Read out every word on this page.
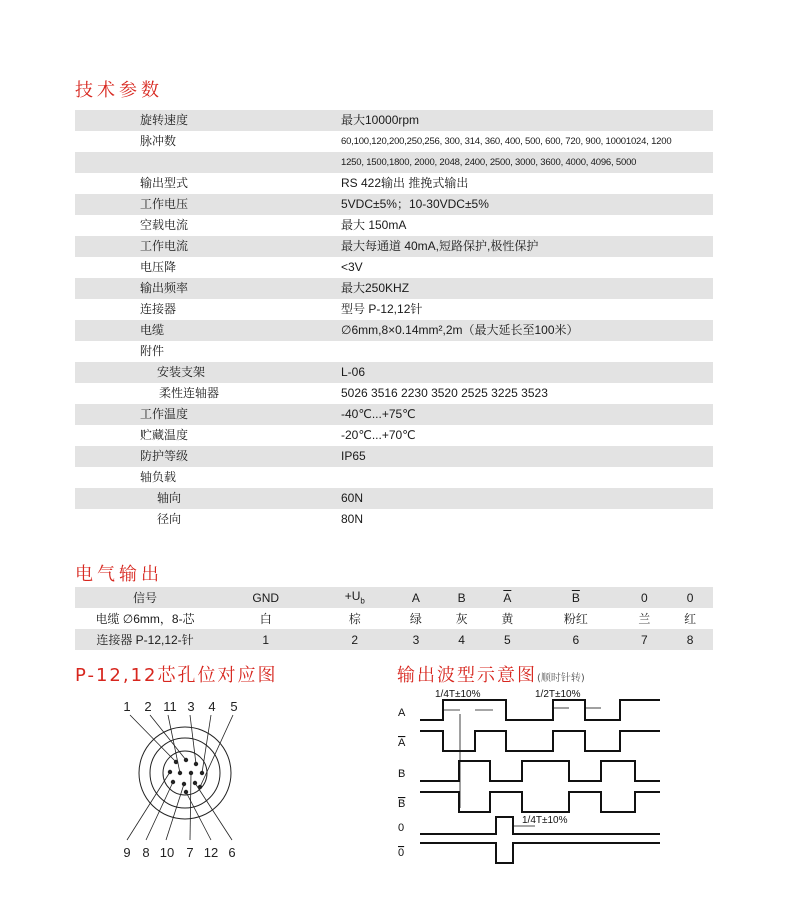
技术参数
旋转速度	最大10000rpm
脉冲数	60,100,120,200,250,256, 300, 314, 360, 400, 500, 600, 720, 900, 10001024, 1200
1250, 1500,1800, 2000, 2048, 2400, 2500, 3000, 3600, 4000, 4096, 5000
输出型式	RS 422输出 推挽式输出
工作电压	5VDC±5%；10-30VDC±5%
空载电流	最大 150mA
工作电流	最大每通道 40mA,短路保护,极性保护
电压降	<3V
输出频率	最大250KHZ
连接器	型号 P-12,12针
电缆	∅6mm,8×0.14mm²,2m（最大延长至100米）
附件
安装支架	L-06
柔性连轴器	5026 3516 2230 3520 2525 3225 3523
工作温度	-40℃...+75℃
贮藏温度	-20℃...+70℃
防护等级	IP65
轴负载
轴向	60N
径向	80N
电气输出
信号	GND	$+U_b$	A	B	$\overline{A}$	$\overline{B}$	0	0
电缆 ∅6mm，8-芯	白	棕	绿	灰	黄	粉红	兰	红
连接器 P-12,12-针	1	2	3	4	5	6	7	8
P-12,12芯孔位对应图	输出波型示意图(顺时针转)
1 2 11 3 4 5
9 8 10 7 12 6
A
A
B
B
0
0
1/4T±10%	1/2T±10%
1/4T±10%
